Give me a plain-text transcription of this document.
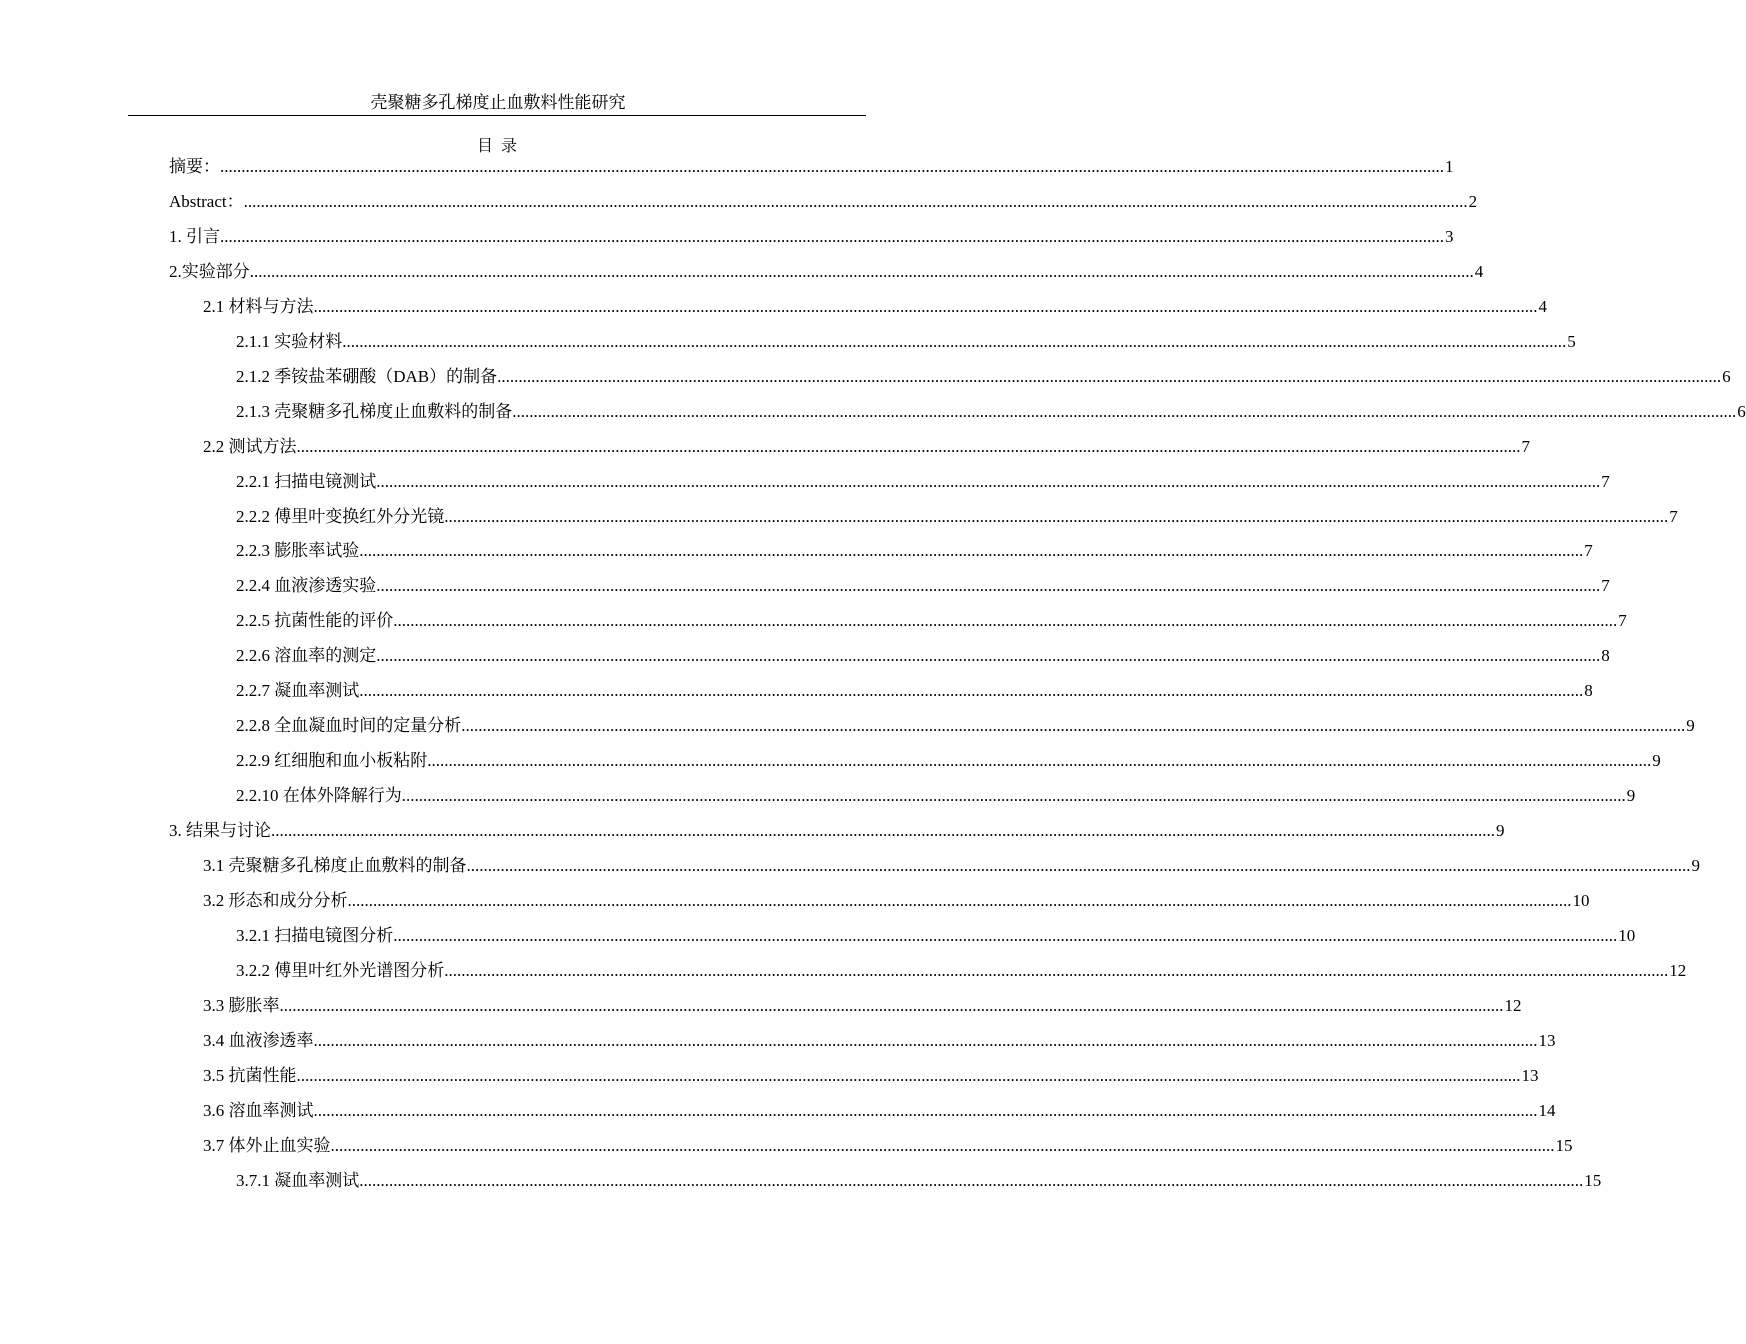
壳聚糖多孔梯度止血敷料性能研究
目 录
摘要： ................................................................................................................................................................................................................................................................................................ 1
Abstract： ................................................................................................................................................................................................................................................................................................ 2
1. 引言 ................................................................................................................................................................................................................................................................................................ 3
2.实验部分 ................................................................................................................................................................................................................................................................................................ 4
2.1 材料与方法 ................................................................................................................................................................................................................................................................................................ 4
2.1.1 实验材料 ................................................................................................................................................................................................................................................................................................ 5
2.1.2 季铵盐苯硼酸（DAB）的制备 ................................................................................................................................................................................................................................................................................................ 6
2.1.3 壳聚糖多孔梯度止血敷料的制备 ................................................................................................................................................................................................................................................................................................ 6
2.2 测试方法 ................................................................................................................................................................................................................................................................................................ 7
2.2.1 扫描电镜测试 ................................................................................................................................................................................................................................................................................................ 7
2.2.2 傅里叶变换红外分光镜 ................................................................................................................................................................................................................................................................................................ 7
2.2.3 膨胀率试验 ................................................................................................................................................................................................................................................................................................ 7
2.2.4 血液渗透实验 ................................................................................................................................................................................................................................................................................................ 7
2.2.5 抗菌性能的评价 ................................................................................................................................................................................................................................................................................................ 7
2.2.6 溶血率的测定 ................................................................................................................................................................................................................................................................................................ 8
2.2.7 凝血率测试 ................................................................................................................................................................................................................................................................................................ 8
2.2.8 全血凝血时间的定量分析 ................................................................................................................................................................................................................................................................................................ 9
2.2.9 红细胞和血小板粘附 ................................................................................................................................................................................................................................................................................................ 9
2.2.10 在体外降解行为 ................................................................................................................................................................................................................................................................................................ 9
3. 结果与讨论 ................................................................................................................................................................................................................................................................................................ 9
3.1 壳聚糖多孔梯度止血敷料的制备 ................................................................................................................................................................................................................................................................................................ 9
3.2 形态和成分分析 ................................................................................................................................................................................................................................................................................................ 10
3.2.1 扫描电镜图分析 ................................................................................................................................................................................................................................................................................................ 10
3.2.2 傅里叶红外光谱图分析 ................................................................................................................................................................................................................................................................................................ 12
3.3 膨胀率 ................................................................................................................................................................................................................................................................................................ 12
3.4 血液渗透率 ................................................................................................................................................................................................................................................................................................ 13
3.5 抗菌性能 ................................................................................................................................................................................................................................................................................................ 13
3.6 溶血率测试 ................................................................................................................................................................................................................................................................................................ 14
3.7 体外止血实验 ................................................................................................................................................................................................................................................................................................ 15
3.7.1 凝血率测试 ................................................................................................................................................................................................................................................................................................ 15
